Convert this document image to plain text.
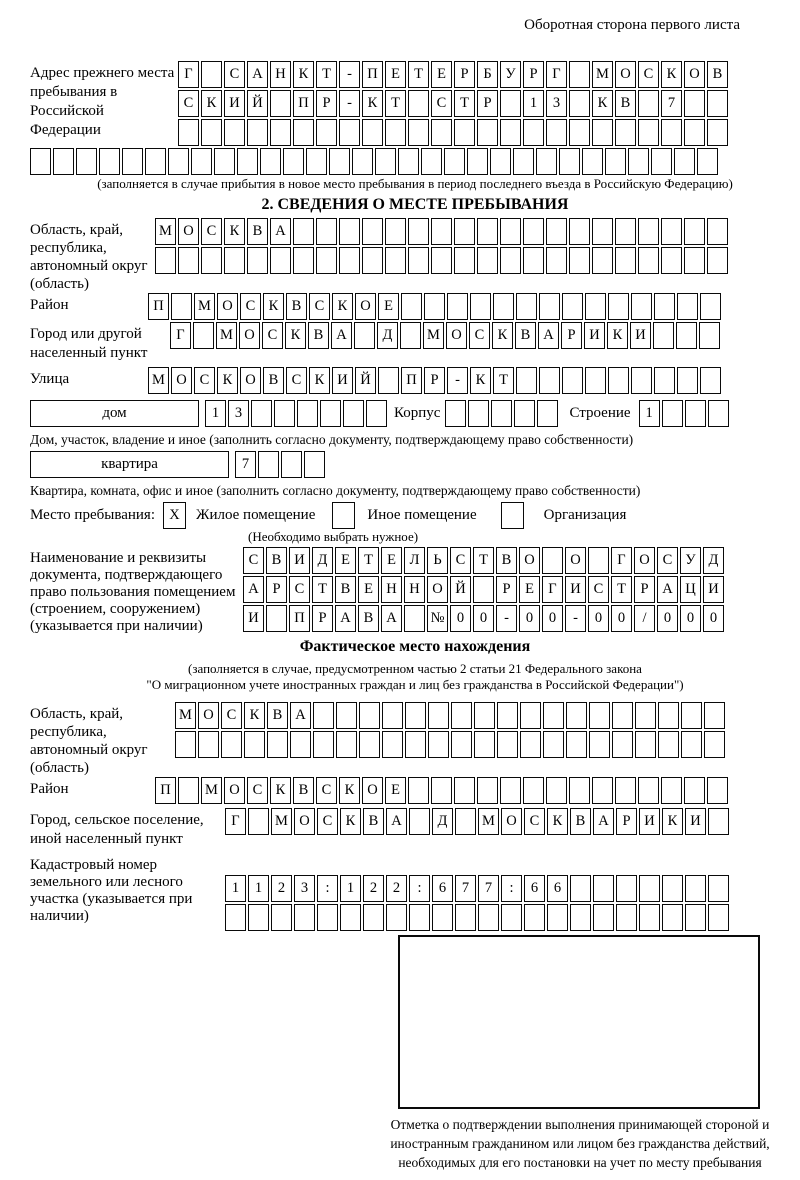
Оборотная сторона первого листа
Адрес прежнего места пребывания в Российской Федерации
Г	С А Н К Т	-	П Е Т Е	Р	Б У Р	Г	М О С К О В
С К И Й	П Р	-	К Т	С Т	Р	1	3	К В	7
(заполняется в случае прибытия в новое место пребывания в период последнего въезда в Российскую Федерацию)
2. СВЕДЕНИЯ О МЕСТЕ ПРЕБЫВАНИЯ
Область, край, республика, автономный округ (область)
М О С К В А
Район	П	М О С К В С К О Е
Город или другой населенный пункт
Г	М О С К В А	Д	М О С К В А Р И К И
Улица	М О С К О В С К И Й	П Р	-	К Т
дом	1	3	Корпус	Строение	1
Дом, участок, владение и иное (заполнить согласно документу, подтверждающему право собственности)
квартира	7
Квартира, комната, офис и иное (заполнить согласно документу, подтверждающему право собственности)
Место пребывания: X	Жилое помещение	Иное помещение	Организация
(Необходимо выбрать нужное)
Наименование и реквизиты документа, подтверждающего право пользования помещением (строением, сооружением) (указывается при наличии)
С В И Д Е Т Е Л Ь С Т В О	О	Г О С У Д
А Р С Т В Е Н Н О Й	Р	Е Г И С Т	Р А Ц И
И	П Р А В А	№ 0	0	-	0	0	-	0	0	/	0	0	0
Фактическое место нахождения
(заполняется в случае, предусмотренном частью 2 статьи 21 Федерального закона
"О миграционном учете иностранных граждан и лиц без гражданства в Российской Федерации")
Область, край, республика, автономный округ (область)
М О С К В А
Район	П	М О С К В С К О Е
Город, сельское поселение, иной населенный пункт
Г	М О С К В А	Д	М О С К В А Р И К И
Кадастровый номер земельного или лесного участка (указывается при наличии)
1	1	2	3	:	1	2	2	:	6	7	7	:	6	6
Отметка о подтверждении выполнения принимающей стороной и иностранным гражданином или лицом без гражданства действий, необходимых для его постановки на учет по месту пребывания
